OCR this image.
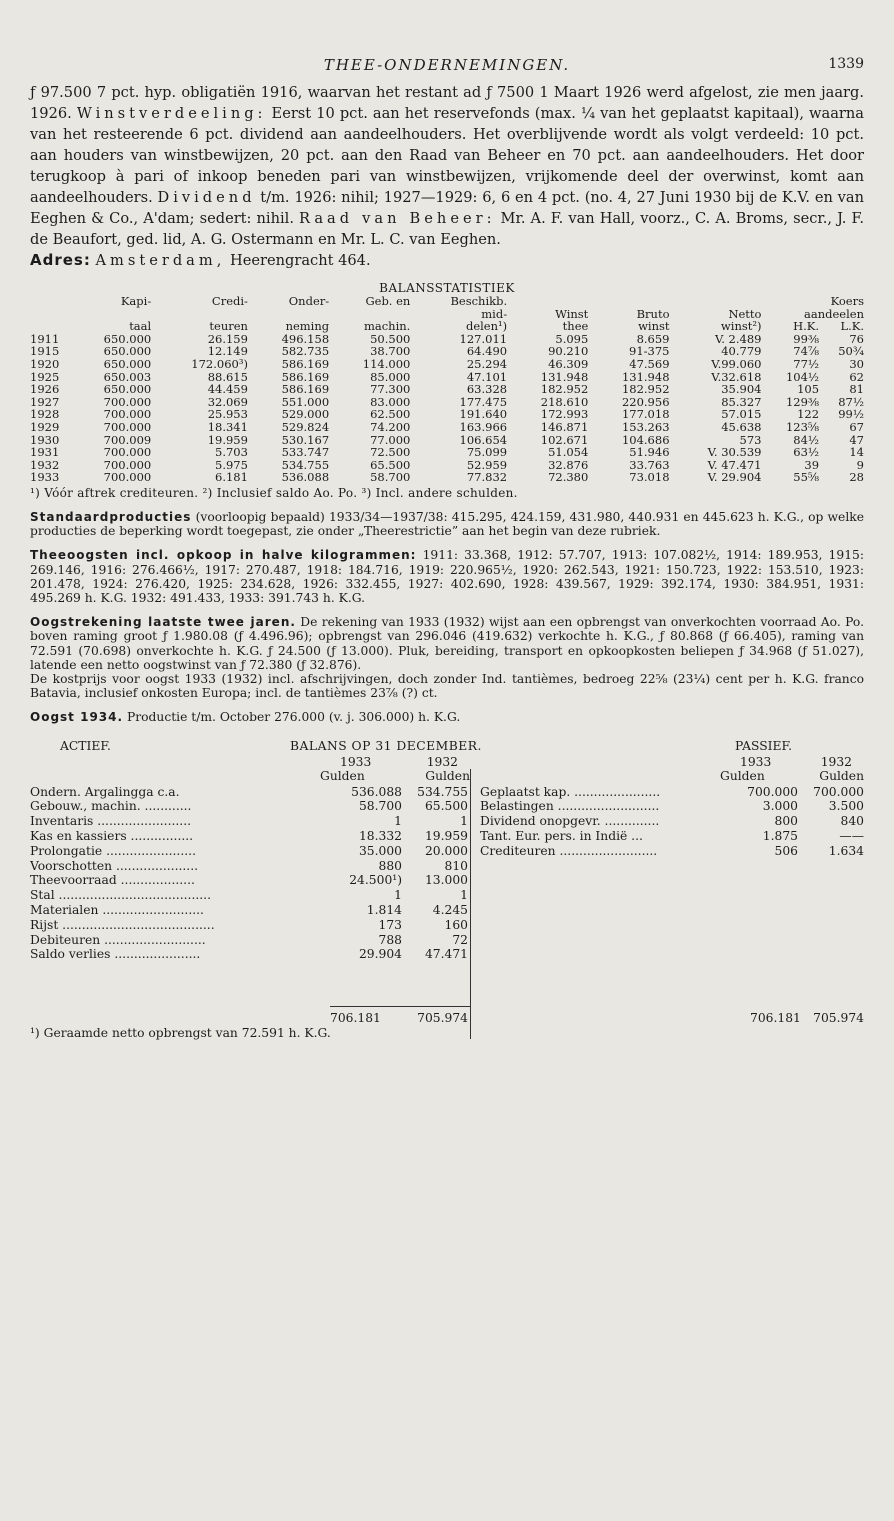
THEE-ONDERNEMINGEN.	1339

ƒ 97.500 7 pct. hyp. obligatiën 1916, waarvan het restant ad ƒ 7500 1 Maart 1926 werd afgelost, zie men jaarg. 1926. Winstverdeeling: Eerst 10 pct. aan het reservefonds (max. ¼ van het geplaatst kapitaal), waarna van het resteerende 6 pct. dividend aan aandeelhouders. Het overblijvende wordt als volgt verdeeld: 10 pct. aan houders van winstbewijzen, 20 pct. aan den Raad van Beheer en 70 pct. aan aandeelhouders. Het door terugkoop à pari of inkoop beneden pari van winstbewijzen, vrijkomende deel der overwinst, komt aan aandeelhouders. Dividend t/m. 1926: nihil; 1927—1929: 6, 6 en 4 pct. (no. 4, 27 Juni 1930 bij de K.V. en van Eeghen & Co., A'dam; sedert: nihil. Raad van Beheer: Mr. A. F. van Hall, voorz., C. A. Broms, secr., J. F. de Beaufort, ged. lid, A. G. Ostermann en Mr. L. C. van Eeghen.
Adres: Amsterdam, Heerengracht 464.

BALANSSTATISTIEK
	Kapi-	Credi-	Onder-	Geb. en	Beschikb.				Koers	
					mid-	Winst	Bruto	Netto	aandeelen	
	taal	teuren	neming	machin.	delen¹)	thee	winst	winst²)	H.K.	L.K.
1911	650.000	26.159	496.158	50.500	127.011	5.095	8.659	V. 2.489	99⅜	76
1915	650.000	12.149	582.735	38.700	64.490	90.210	91-375	40.779	74⅞	50¾
1920	650.000	172.060³)	586.169	114.000	25.294	46.309	47.569	V.99.060	77½	30
1925	650.003	88.615	586.169	85.000	47.101	131.948	131.948	V.32.618	104½	62
1926	650.000	44.459	586.169	77.300	63.328	182.952	182.952	35.904	105	81
1927	700.000	32.069	551.000	83.000	177.475	218.610	220.956	85.327	129⅜	87½
1928	700.000	25.953	529.000	62.500	191.640	172.993	177.018	57.015	122	99½
1929	700.000	18.341	529.824	74.200	163.966	146.871	153.263	45.638	123⅝	67
1930	700.009	19.959	530.167	77.000	106.654	102.671	104.686	573	84½	47
1931	700.000	5.703	533.747	72.500	75.099	51.054	51.946	V. 30.539	63½	14
1932	700.000	5.975	534.755	65.500	52.959	32.876	33.763	V. 47.471	39	9
1933	700.000	6.181	536.088	58.700	77.832	72.380	73.018	V. 29.904	55⅝	28
¹) Vóór aftrek crediteuren. ²) Inclusief saldo Ao. Po. ³) Incl. andere schulden.
Standaardproducties (voorloopig bepaald) 1933/34—1937/38: 415.295, 424.159, 431.980, 440.931 en 445.623 h. K.G., op welke producties de beperking wordt toegepast, zie onder „Theerestrictie” aan het begin van deze rubriek.
Theeoogsten incl. opkoop in halve kilogrammen: 1911: 33.368, 1912: 57.707, 1913: 107.082½, 1914: 189.953, 1915: 269.146, 1916: 276.466½, 1917: 270.487, 1918: 184.716, 1919: 220.965½, 1920: 262.543, 1921: 150.723, 1922: 153.510, 1923: 201.478, 1924: 276.420, 1925: 234.628, 1926: 332.455, 1927: 402.690, 1928: 439.567, 1929: 392.174, 1930: 384.951, 1931: 495.269 h. K.G. 1932: 491.433, 1933: 391.743 h. K.G.
Oogstrekening laatste twee jaren. De rekening van 1933 (1932) wijst aan een opbrengst van onverkochten voorraad Ao. Po. boven raming groot ƒ 1.980.08 (ƒ 4.496.96); opbrengst van 296.046 (419.632) verkochte h. K.G., ƒ 80.868 (ƒ 66.405), raming van 72.591 (70.698) onverkochte h. K.G. ƒ 24.500 (ƒ 13.000). Pluk, bereiding, transport en opkoopkosten beliepen ƒ 34.968 (ƒ 51.027), latende een netto oogstwinst van ƒ 72.380 (ƒ 32.876).
De kostprijs voor oogst 1933 (1932) incl. afschrijvingen, doch zonder Ind. tantièmes, bedroeg 22⅝ (23¼) cent per h. K.G. franco Batavia, inclusief onkosten Europa; incl. de tantièmes 23⅞ (?) ct.
Oogst 1934. Productie t/m. October 276.000 (v. j. 306.000) h. K.G.
ACTIEF.	BALANS OP 31 DECEMBER.	PASSIEF.
1933	1932
Gulden	Gulden
1933	1932
Gulden	Gulden
Ondern. Argalingga c.a.	536.088	534.755
Gebouw., machin. ............	58.700	65.500
Inventaris ........................	1	1
Kas en kassiers ................	18.332	19.959
Prolongatie .......................	35.000	20.000
Voorschotten .....................	880	810
Theevoorraad ...................	24.500¹)	13.000
Stal .......................................	1	1
Materialen ..........................	1.814	4.245
Rijst .......................................	173	160
Debiteuren ..........................	788	72
Saldo verlies ......................	29.904	47.471
Geplaatst kap. ......................	700.000	700.000
Belastingen ..........................	3.000	3.500
Dividend onopgevr. ..............	800	840
Tant. Eur. pers. in Indië ...	1.875	——
Crediteuren .........................	506	1.634
706.181	705.974	706.181 705.974
¹) Geraamde netto opbrengst van 72.591 h. K.G.
